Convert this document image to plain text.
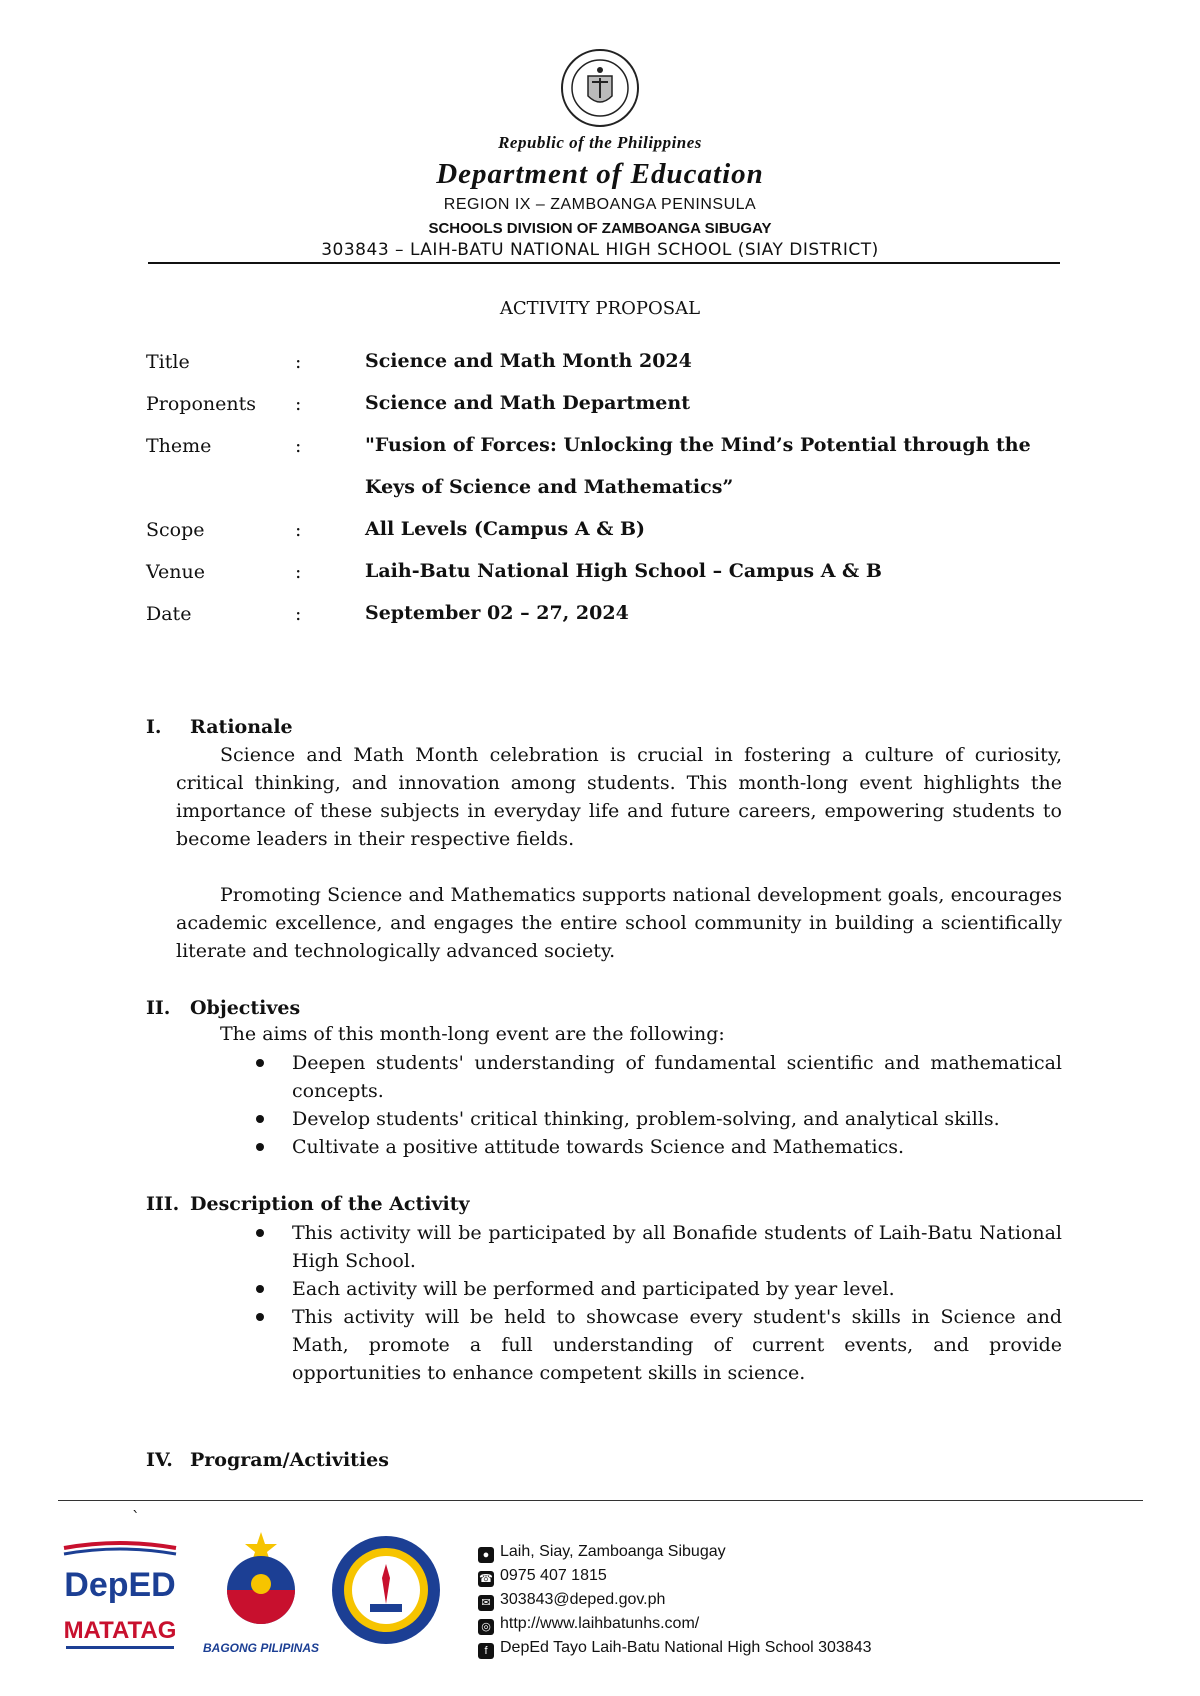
Republic of the Philippines
Department of Education
REGION IX – ZAMBOANGA PENINSULA
SCHOOLS DIVISION OF ZAMBOANGA SIBUGAY
303843 – LAIH-BATU NATIONAL HIGH SCHOOL (SIAY DISTRICT)
ACTIVITY PROPOSAL
Title	:	Science and Math Month 2024
Proponents :	Science and Math Department
Theme	:	"Fusion of Forces: Unlocking the Mind’s Potential through the Keys of Science and Mathematics”
Scope	:	All Levels (Campus A & B)
Venue	:	Laih-Batu National High School – Campus A & B
Date	:	September 02 – 27, 2024
I. Rationale

Science and Math Month celebration is crucial in fostering a culture of curiosity, critical thinking, and innovation among students. This month-long event highlights the importance of these subjects in everyday life and future careers, empowering students to become leaders in their respective fields.

Promoting Science and Mathematics supports national development goals, encourages academic excellence, and engages the entire school community in building a scientifically literate and technologically advanced society.

II. Objectives
The aims of this month-long event are the following:
Deepen students' understanding of fundamental scientific and mathematical concepts.
Develop students' critical thinking, problem-solving, and analytical skills.
Cultivate a positive attitude towards Science and Mathematics.
III. Description of the Activity
This activity will be participated by all Bonafide students of Laih-Batu National High School.
Each activity will be performed and participated by year level.
This activity will be held to showcase every student's skills in Science and Math, promote a full understanding of current events, and provide opportunities to enhance competent skills in science.
IV. Program/Activities
`
DepED
MATATAG
BAGONG PILIPINAS
● Laih, Siay, Zamboanga Sibugay
☎ 0975 407 1815
✉ 303843@deped.gov.ph
◎ http://www.laihbatunhs.com/
f DepEd Tayo Laih-Batu National High School 303843
